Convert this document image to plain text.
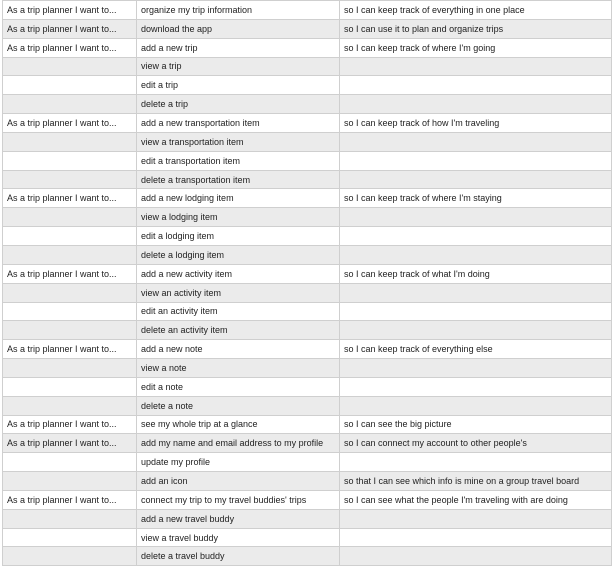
As a trip planner I want to...	organize my trip information	so I can keep track of everything in one place
As a trip planner I want to...	download the app	so I can use it to plan and organize trips
As a trip planner I want to...	add a new trip	so I can keep track of where I'm going
	view a trip	
	edit a trip	
	delete a trip	
As a trip planner I want to...	add a new transportation item	so I can keep track of how I'm traveling
	view a transportation item	
	edit a transportation item	
	delete a transportation item	
As a trip planner I want to...	add a new lodging item	so I can keep track of where I'm staying
	view a lodging item	
	edit a lodging item	
	delete a lodging item	
As a trip planner I want to...	add a new activity item	so I can keep track of what I'm doing
	view an activity item	
	edit an activity item	
	delete an activity item	
As a trip planner I want to...	add a new note	so I can keep track of everything else
	view a note	
	edit a note	
	delete a note	
As a trip planner I want to...	see my whole trip at a glance	so I can see the big picture
As a trip planner I want to...	add my name and email address to my profile	so I can connect my account to other people's
	update my profile	
	add an icon	so that I can see which info is mine on a group travel board
As a trip planner I want to...	connect my trip to my travel buddies' trips	so I can see what the people I'm traveling with are doing
	add a new travel buddy	
	view a travel buddy	
	delete a travel buddy	
